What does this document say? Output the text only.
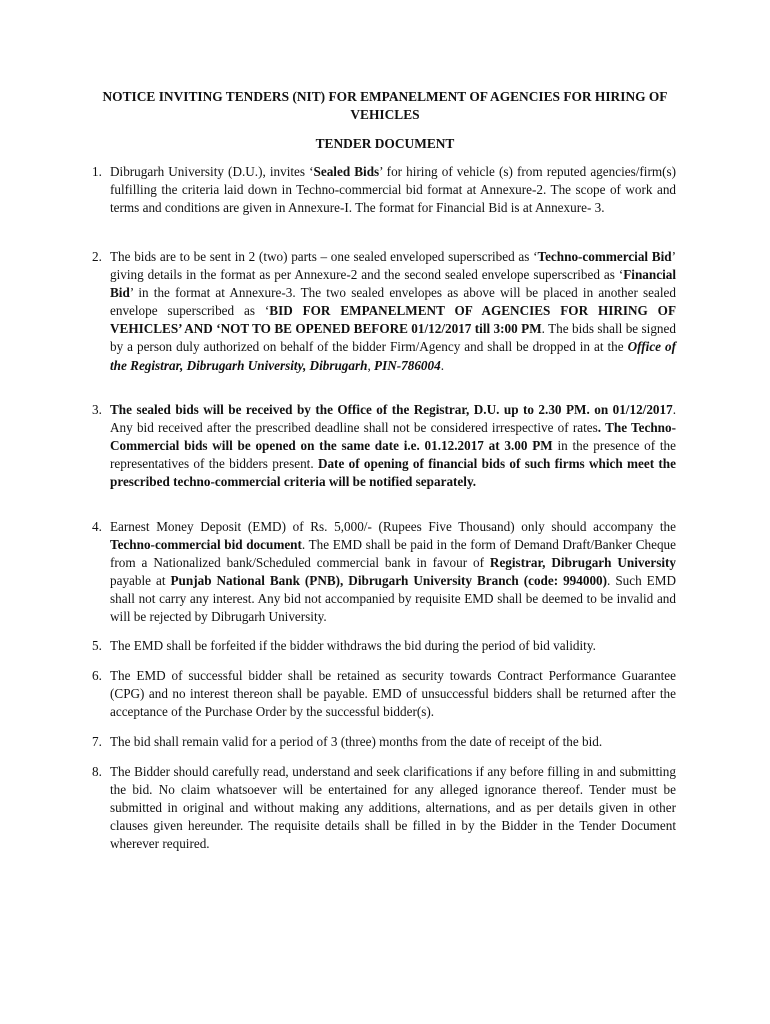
NOTICE INVITING TENDERS (NIT) FOR EMPANELMENT OF AGENCIES FOR HIRING OF VEHICLES
TENDER DOCUMENT
1. Dibrugarh University (D.U.), invites ‘Sealed Bids’ for hiring of vehicle (s) from reputed agencies/firm(s) fulfilling the criteria laid down in Techno-commercial bid format at Annexure-2. The scope of work and terms and conditions are given in Annexure-I. The format for Financial Bid is at Annexure- 3.
2. The bids are to be sent in 2 (two) parts – one sealed enveloped superscribed as ‘Techno-commercial Bid’ giving details in the format as per Annexure-2 and the second sealed envelope superscribed as ‘Financial Bid’ in the format at Annexure-3. The two sealed envelopes as above will be placed in another sealed envelope superscribed as ‘BID FOR EMPANELMENT OF AGENCIES FOR HIRING OF VEHICLES’ AND ‘NOT TO BE OPENED BEFORE 01/12/2017 till 3:00 PM. The bids shall be signed by a person duly authorized on behalf of the bidder Firm/Agency and shall be dropped in at the Office of the Registrar, Dibrugarh University, Dibrugarh, PIN-786004.
3. The sealed bids will be received by the Office of the Registrar, D.U. up to 2.30 PM. on 01/12/2017. Any bid received after the prescribed deadline shall not be considered irrespective of rates. The Techno-Commercial bids will be opened on the same date i.e. 01.12.2017 at 3.00 PM in the presence of the representatives of the bidders present. Date of opening of financial bids of such firms which meet the prescribed techno-commercial criteria will be notified separately.
4. Earnest Money Deposit (EMD) of Rs. 5,000/- (Rupees Five Thousand) only should accompany the Techno-commercial bid document. The EMD shall be paid in the form of Demand Draft/Banker Cheque from a Nationalized bank/Scheduled commercial bank in favour of Registrar, Dibrugarh University payable at Punjab National Bank (PNB), Dibrugarh University Branch (code: 994000). Such EMD shall not carry any interest. Any bid not accompanied by requisite EMD shall be deemed to be invalid and will be rejected by Dibrugarh University.
5. The EMD shall be forfeited if the bidder withdraws the bid during the period of bid validity.
6. The EMD of successful bidder shall be retained as security towards Contract Performance Guarantee (CPG) and no interest thereon shall be payable. EMD of unsuccessful bidders shall be returned after the acceptance of the Purchase Order by the successful bidder(s).
7. The bid shall remain valid for a period of 3 (three) months from the date of receipt of the bid.
8. The Bidder should carefully read, understand and seek clarifications if any before filling in and submitting the bid. No claim whatsoever will be entertained for any alleged ignorance thereof. Tender must be submitted in original and without making any additions, alternations, and as per details given in other clauses given hereunder. The requisite details shall be filled in by the Bidder in the Tender Document wherever required.
